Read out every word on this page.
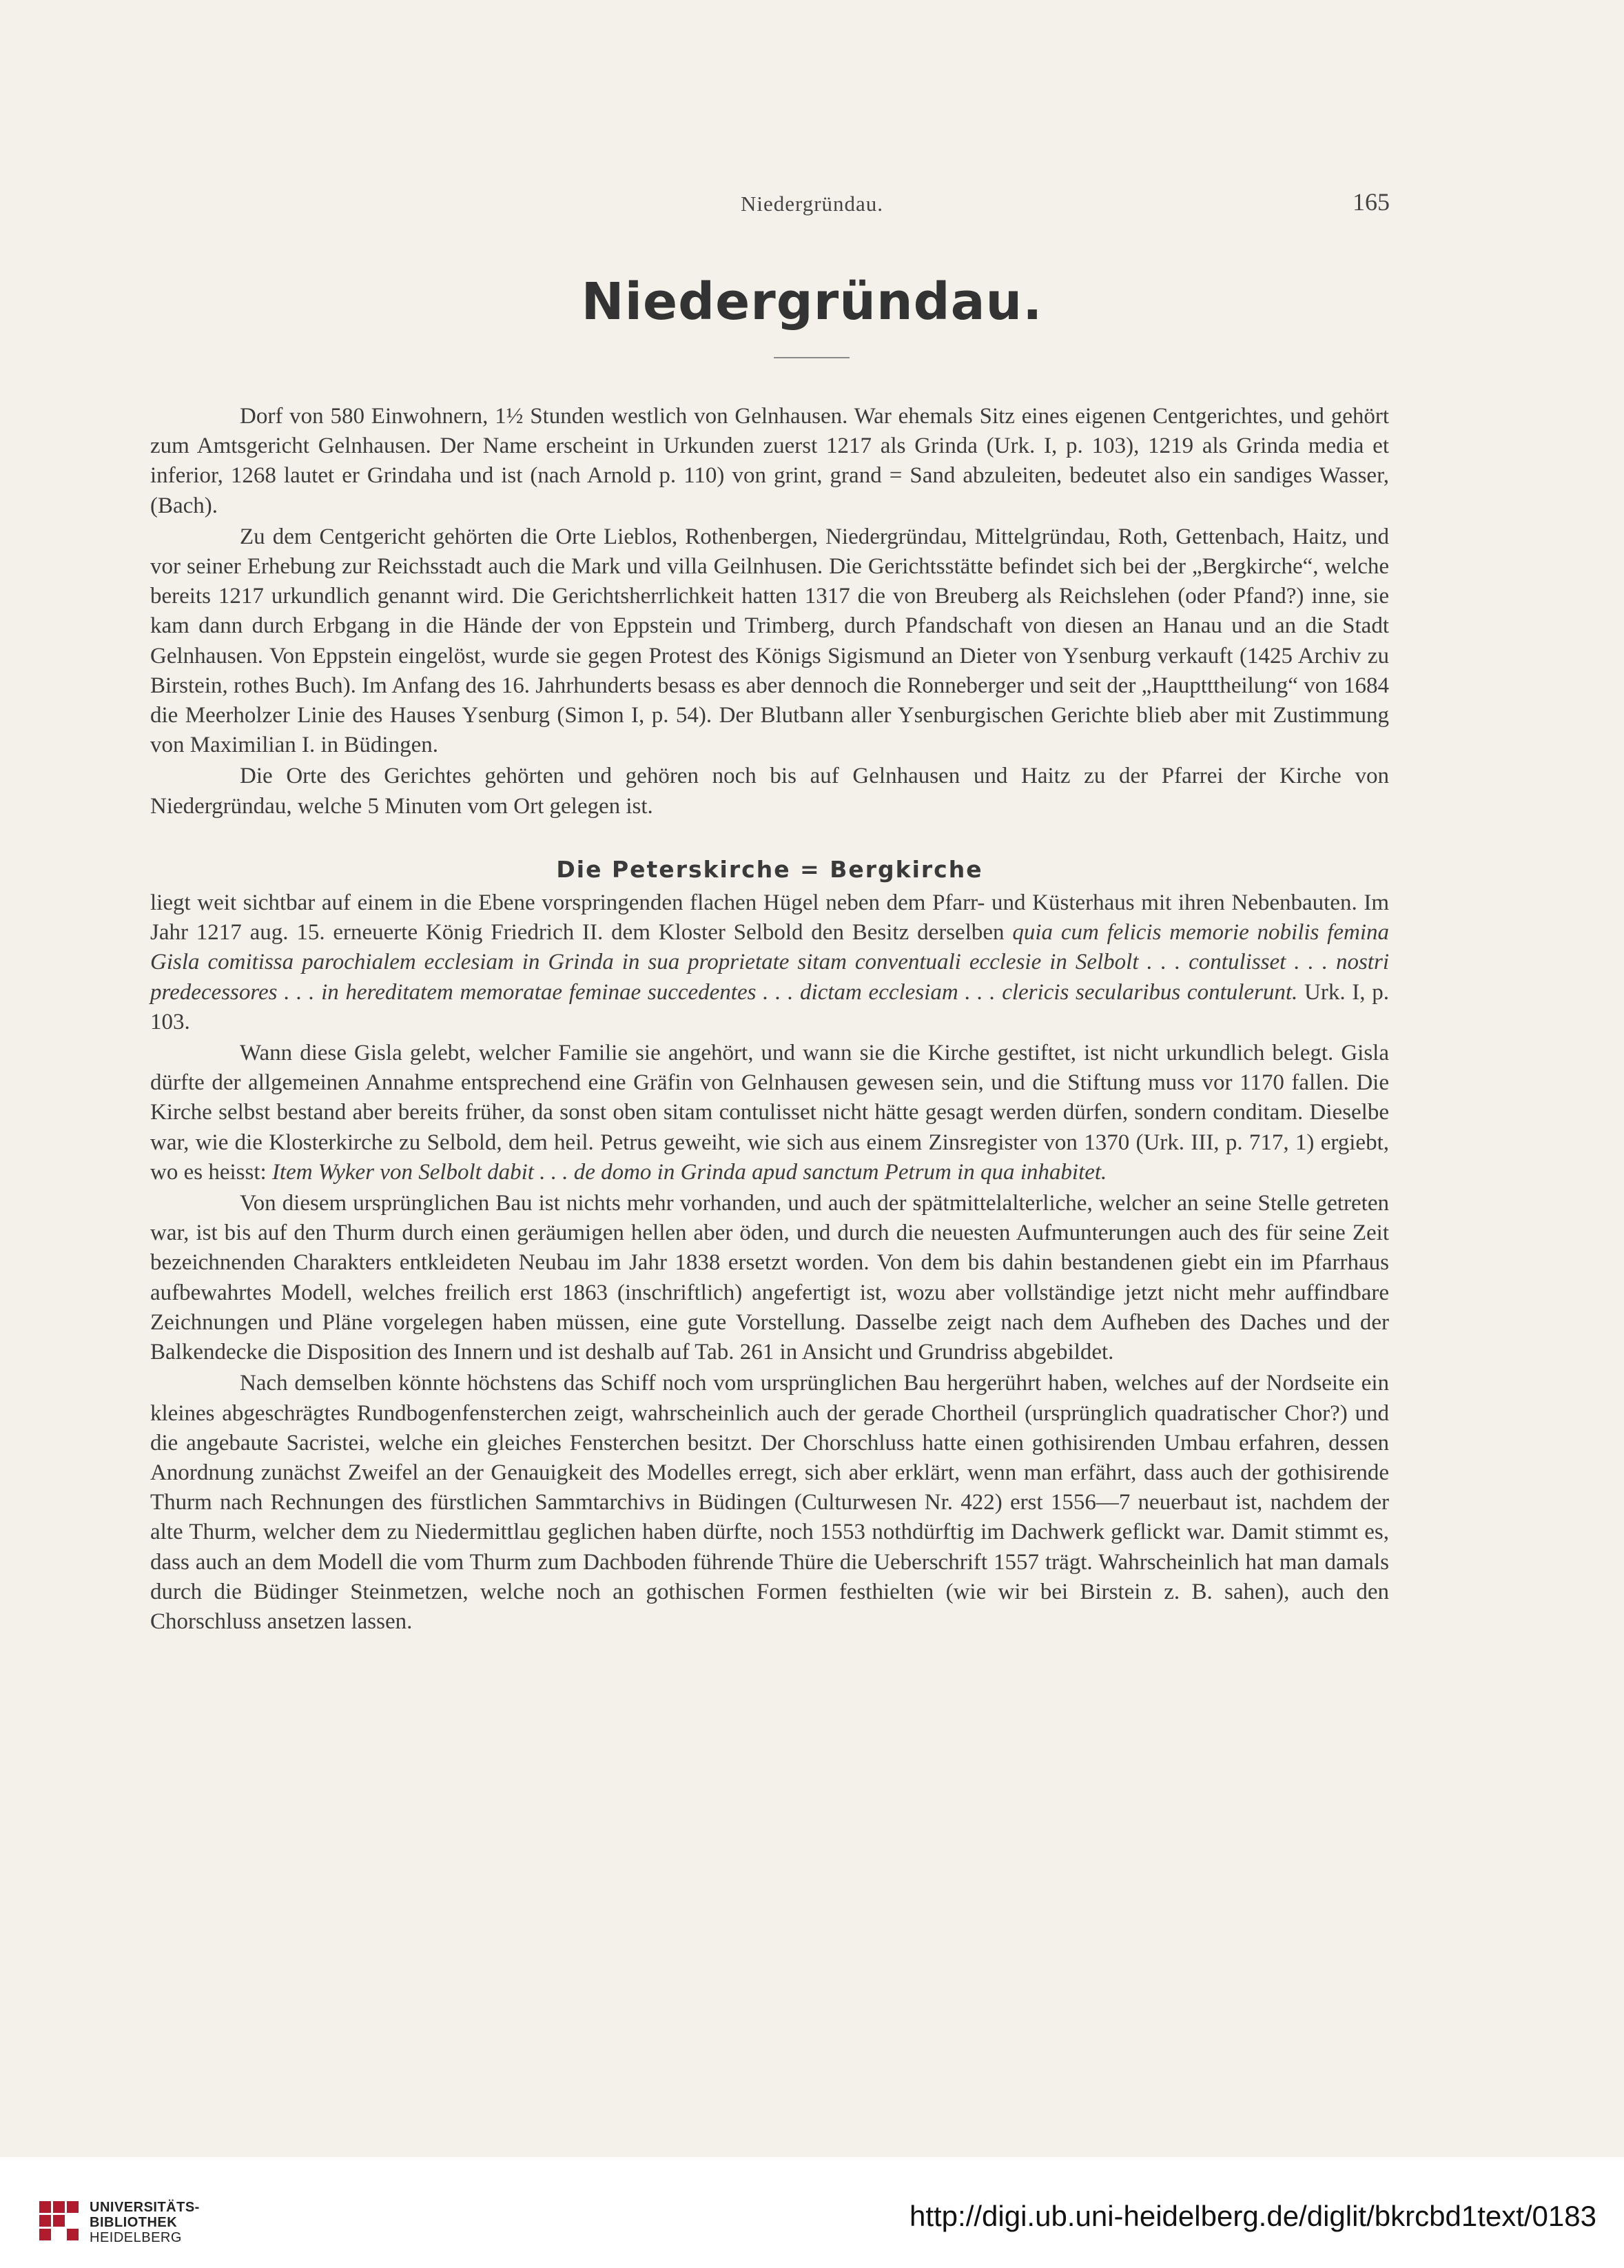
Niedergründau.	165
Niedergründau.

Dorf von 580 Einwohnern, 1½ Stunden westlich von Gelnhausen. War ehemals Sitz eines eigenen Centgerichtes, und gehört zum Amtsgericht Gelnhausen. Der Name erscheint in Urkunden zuerst 1217 als Grinda (Urk. I, p. 103), 1219 als Grinda media et inferior, 1268 lautet er Grindaha und ist (nach Arnold p. 110) von grint, grand = Sand abzuleiten, bedeutet also ein sandiges Wasser, (Bach).

Zu dem Centgericht gehörten die Orte Lieblos, Rothenbergen, Niedergründau, Mittelgründau, Roth, Gettenbach, Haitz, und vor seiner Erhebung zur Reichsstadt auch die Mark und villa Geilnhusen. Die Gerichtsstätte befindet sich bei der „Bergkirche“, welche bereits 1217 urkundlich genannt wird. Die Gerichtsherrlichkeit hatten 1317 die von Breuberg als Reichslehen (oder Pfand?) inne, sie kam dann durch Erbgang in die Hände der von Eppstein und Trimberg, durch Pfandschaft von diesen an Hanau und an die Stadt Gelnhausen. Von Eppstein eingelöst, wurde sie gegen Protest des Königs Sigismund an Dieter von Ysenburg verkauft (1425 Archiv zu Birstein, rothes Buch). Im Anfang des 16. Jahrhunderts besass es aber dennoch die Ronneberger und seit der „Hauptttheilung“ von 1684 die Meerholzer Linie des Hauses Ysenburg (Simon I, p. 54). Der Blutbann aller Ysenburgischen Gerichte blieb aber mit Zustimmung von Maximilian I. in Büdingen.

Die Orte des Gerichtes gehörten und gehören noch bis auf Gelnhausen und Haitz zu der Pfarrei der Kirche von Niedergründau, welche 5 Minuten vom Ort gelegen ist.

Die Peterskirche = Bergkirche

liegt weit sichtbar auf einem in die Ebene vorspringenden flachen Hügel neben dem Pfarr- und Küsterhaus mit ihren Nebenbauten. Im Jahr 1217 aug. 15. erneuerte König Friedrich II. dem Kloster Selbold den Besitz derselben quia cum felicis memorie nobilis femina Gisla comitissa parochialem ecclesiam in Grinda in sua proprietate sitam conventuali ecclesie in Selbolt . . . contulisset . . . nostri predecessores . . . in hereditatem memoratae feminae succedentes . . . dictam ecclesiam . . . clericis secularibus contulerunt. Urk. I, p. 103.

Wann diese Gisla gelebt, welcher Familie sie angehört, und wann sie die Kirche gestiftet, ist nicht urkundlich belegt. Gisla dürfte der allgemeinen Annahme entsprechend eine Gräfin von Gelnhausen gewesen sein, und die Stiftung muss vor 1170 fallen. Die Kirche selbst bestand aber bereits früher, da sonst oben sitam contulisset nicht hätte gesagt werden dürfen, sondern conditam. Dieselbe war, wie die Klosterkirche zu Selbold, dem heil. Petrus geweiht, wie sich aus einem Zinsregister von 1370 (Urk. III, p. 717, 1) ergiebt, wo es heisst: Item Wyker von Selbolt dabit . . . de domo in Grinda apud sanctum Petrum in qua inhabitet.

Von diesem ursprünglichen Bau ist nichts mehr vorhanden, und auch der spätmittelalterliche, welcher an seine Stelle getreten war, ist bis auf den Thurm durch einen geräumigen hellen aber öden, und durch die neuesten Aufmunterungen auch des für seine Zeit bezeichnenden Charakters entkleideten Neubau im Jahr 1838 ersetzt worden. Von dem bis dahin bestandenen giebt ein im Pfarrhaus aufbewahrtes Modell, welches freilich erst 1863 (inschriftlich) angefertigt ist, wozu aber vollständige jetzt nicht mehr auffindbare Zeichnungen und Pläne vorgelegen haben müssen, eine gute Vorstellung. Dasselbe zeigt nach dem Aufheben des Daches und der Balkendecke die Disposition des Innern und ist deshalb auf Tab. 261 in Ansicht und Grundriss abgebildet.

Nach demselben könnte höchstens das Schiff noch vom ursprünglichen Bau hergerührt haben, welches auf der Nordseite ein kleines abgeschrägtes Rundbogenfensterchen zeigt, wahrscheinlich auch der gerade Chortheil (ursprünglich quadratischer Chor?) und die angebaute Sacristei, welche ein gleiches Fensterchen besitzt. Der Chorschluss hatte einen gothisirenden Umbau erfahren, dessen Anordnung zunächst Zweifel an der Genauigkeit des Modelles erregt, sich aber erklärt, wenn man erfährt, dass auch der gothisirende Thurm nach Rechnungen des fürstlichen Sammtarchivs in Büdingen (Culturwesen Nr. 422) erst 1556—7 neuerbaut ist, nachdem der alte Thurm, welcher dem zu Niedermittlau geglichen haben dürfte, noch 1553 nothdürftig im Dachwerk geflickt war. Damit stimmt es, dass auch an dem Modell die vom Thurm zum Dachboden führende Thüre die Ueberschrift 1557 trägt. Wahrscheinlich hat man damals durch die Büdinger Steinmetzen, welche noch an gothischen Formen festhielten (wie wir bei Birstein z. B. sahen), auch den Chorschluss ansetzen lassen.

UNIVERSITÄTS-
BIBLIOTHEK
HEIDELBERG
http://digi.ub.uni-heidelberg.de/diglit/bkrcbd1text/0183
